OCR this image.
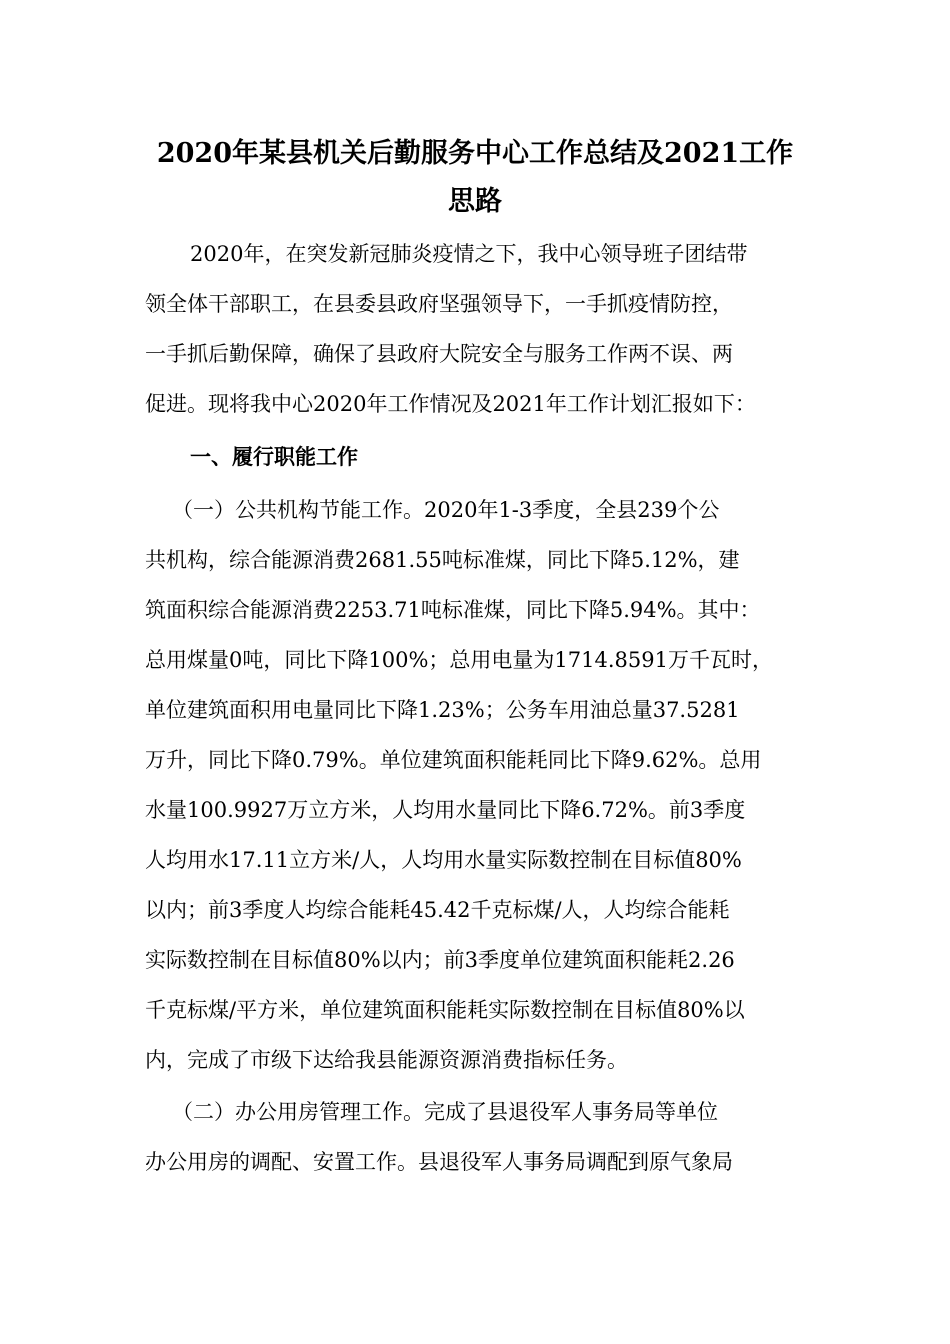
2020年某县机关后勤服务中心工作总结及2021工作
思路
2020年，在突发新冠肺炎疫情之下，我中心领导班子团结带
领全体干部职工，在县委县政府坚强领导下，一手抓疫情防控，
一手抓后勤保障，确保了县政府大院安全与服务工作两不误、两
促进。现将我中心2020年工作情况及2021年工作计划汇报如下：
一、履行职能工作
（一）公共机构节能工作。2020年1-3季度，全县239个公
共机构，综合能源消费2681.55吨标准煤，同比下降5.12%，建
筑面积综合能源消费2253.71吨标准煤，同比下降5.94%。其中：
总用煤量0吨，同比下降100%；总用电量为1714.8591万千瓦时，
单位建筑面积用电量同比下降1.23%；公务车用油总量37.5281
万升，同比下降0.79%。单位建筑面积能耗同比下降9.62%。总用
水量100.9927万立方米，人均用水量同比下降6.72%。前3季度
人均用水17.11立方米/人，人均用水量实际数控制在目标值80%
以内；前3季度人均综合能耗45.42千克标煤/人，人均综合能耗
实际数控制在目标值80%以内；前3季度单位建筑面积能耗2.26
千克标煤/平方米，单位建筑面积能耗实际数控制在目标值80%以
内，完成了市级下达给我县能源资源消费指标任务。
（二）办公用房管理工作。完成了县退役军人事务局等单位
办公用房的调配、安置工作。县退役军人事务局调配到原气象局
